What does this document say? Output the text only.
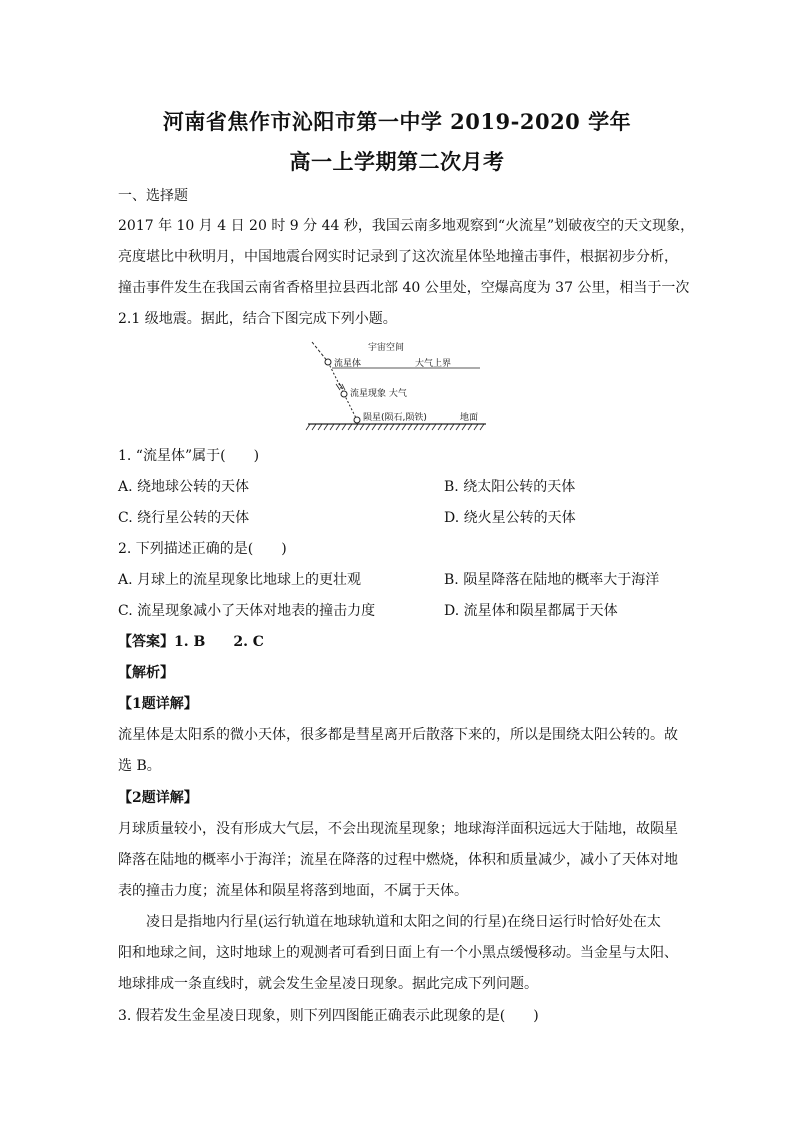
河南省焦作市沁阳市第一中学 2019-2020 学年
高一上学期第二次月考
一、选择题
2017 年 10 月 4 日 20 时 9 分 44 秒，我国云南多地观察到“火流星”划破夜空的天文现象，
亮度堪比中秋明月，中国地震台网实时记录到了这次流星体坠地撞击事件，根据初步分析，
撞击事件发生在我国云南省香格里拉县西北部 40 公里处，空爆高度为 37 公里，相当于一次
2.1 级地震。据此，结合下图完成下列小题。
宇宙空间
流星体	大气上界
流星现象 大气
陨星(陨石,陨铁)	地面
1. “流星体”属于(　　)
A. 绕地球公转的天体	B. 绕太阳公转的天体
C. 绕行星公转的天体	D. 绕火星公转的天体
2. 下列描述正确的是(　　)
A. 月球上的流星现象比地球上的更壮观	B. 陨星降落在陆地的概率大于海洋
C. 流星现象减小了天体对地表的撞击力度	D. 流星体和陨星都属于天体
【答案】1. B　　2. C
【解析】
【1题详解】
流星体是太阳系的微小天体，很多都是彗星离开后散落下来的，所以是围绕太阳公转的。故
选 B。
【2题详解】
月球质量较小，没有形成大气层，不会出现流星现象；地球海洋面积远远大于陆地，故陨星
降落在陆地的概率小于海洋；流星在降落的过程中燃烧，体积和质量减少，减小了天体对地
表的撞击力度；流星体和陨星将落到地面，不属于天体。
　　凌日是指地内行星(运行轨道在地球轨道和太阳之间的行星)在绕日运行时恰好处在太
阳和地球之间，这时地球上的观测者可看到日面上有一个小黑点缓慢移动。当金星与太阳、
地球排成一条直线时，就会发生金星凌日现象。据此完成下列问题。
3. 假若发生金星凌日现象，则下列四图能正确表示此现象的是(　　)
